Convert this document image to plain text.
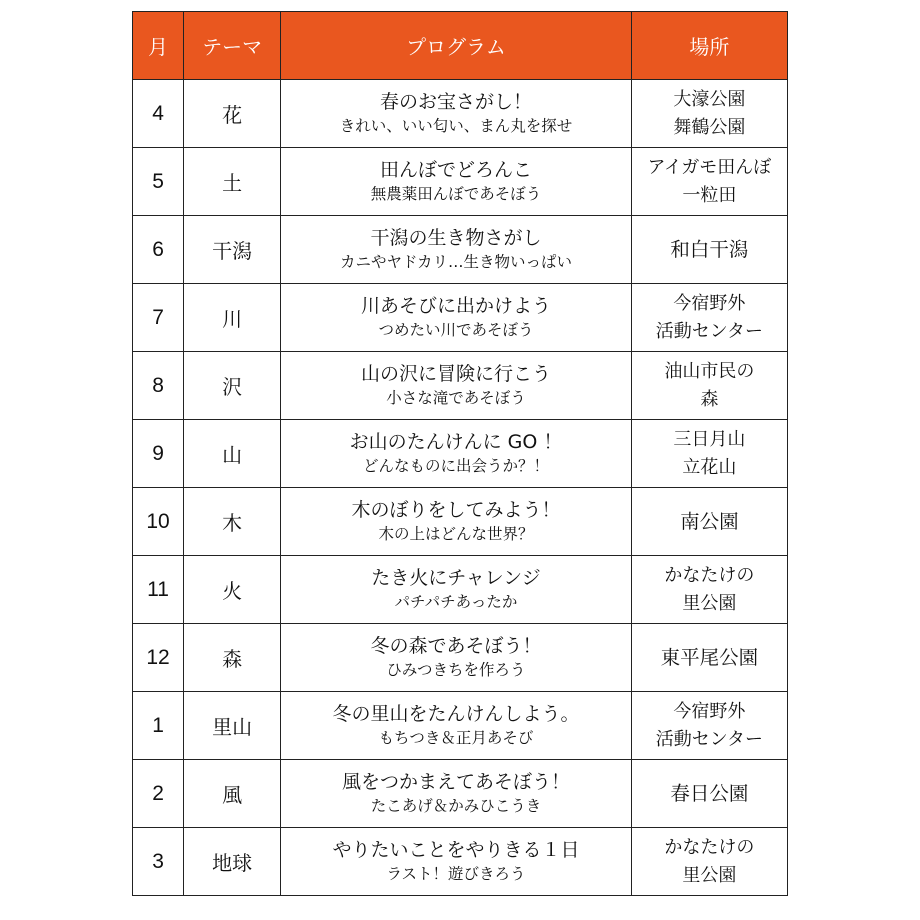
月	テーマ	プログラム	場所
4	花	春のお宝さがし！
きれい、いい匂い、まん丸を探せ	大濠公園
舞鶴公園

5	土	田んぼでどろんこ
無農薬田んぼであそぼう	アイガモ田んぼ
一粒田

6	干潟	干潟の生き物さがし
カニやヤドカリ…生き物いっぱい	和白干潟

7	川	川あそびに出かけよう
つめたい川であそぼう	今宿野外
活動センター

8	沢	山の沢に冒険に行こう
小さな滝であそぼう	油山市民の
森

9	山	お山のたんけんに GO ！
どんなものに出会うか？！	三日月山
立花山

10	木	木のぼりをしてみよう！
木の上はどんな世界？	南公園

11	火	たき火にチャレンジ
パチパチあったか	かなたけの
里公園

12	森	冬の森であそぼう！
ひみつきちを作ろう	東平尾公園

1	里山	冬の里山をたんけんしよう。
もちつき＆正月あそび	今宿野外
活動センター

2	風	風をつかまえてあそぼう！
たこあげ＆かみひこうき	春日公園

3	地球	やりたいことをやりきる１日
ラスト！遊びきろう	かなたけの
里公園
